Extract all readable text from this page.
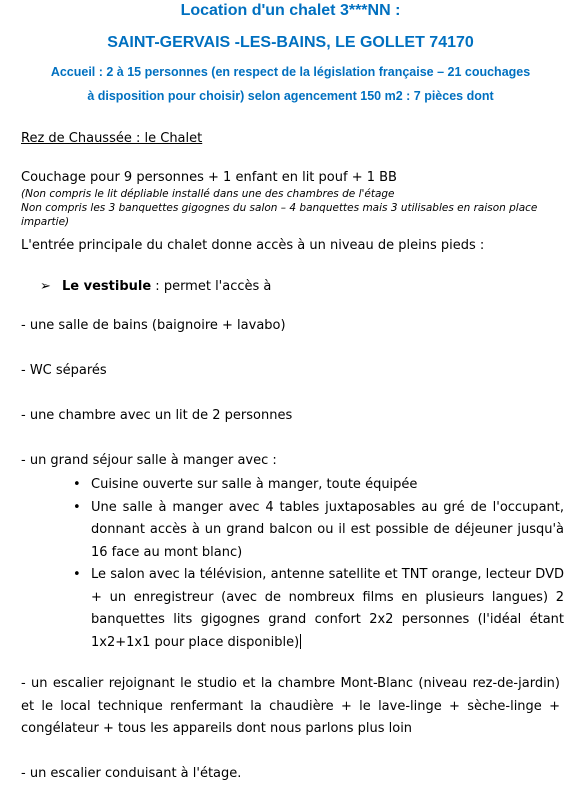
Location d'un chalet 3***NN :
SAINT-GERVAIS -LES-BAINS, LE GOLLET 74170
Accueil : 2 à 15 personnes (en respect de la législation française – 21 couchages
à disposition pour choisir) selon agencement 150 m2 : 7 pièces dont
Rez de Chaussée : le Chalet
Couchage pour 9 personnes + 1 enfant en lit pouf + 1 BB
(Non compris le lit dépliable installé dans une des chambres de l'étage
Non compris les 3 banquettes gigognes du salon – 4 banquettes mais 3 utilisables en raison place
impartie)
L'entrée principale du chalet donne accès à un niveau de pleins pieds :
➢ Le vestibule : permet l'accès à
- une salle de bains (baignoire + lavabo)
- WC séparés
- une chambre avec un lit de 2 personnes
- un grand séjour salle à manger avec :
• Cuisine ouverte sur salle à manger, toute équipée
• Une salle à manger avec 4 tables juxtaposables au gré de l'occupant, donnant accès à un grand balcon ou il est possible de déjeuner jusqu'à 16 face au mont blanc)
• Le salon avec la télévision, antenne satellite et TNT orange, lecteur DVD + un enregistreur (avec de nombreux films en plusieurs langues) 2 banquettes lits gigognes grand confort 2x2 personnes (l'idéal étant 1x2+1x1 pour place disponible)
- un escalier rejoignant le studio et la chambre Mont-Blanc (niveau rez-de-jardin) et le local technique renfermant la chaudière + le lave-linge + sèche-linge + congélateur + tous les appareils dont nous parlons plus loin
- un escalier conduisant à l'étage.
